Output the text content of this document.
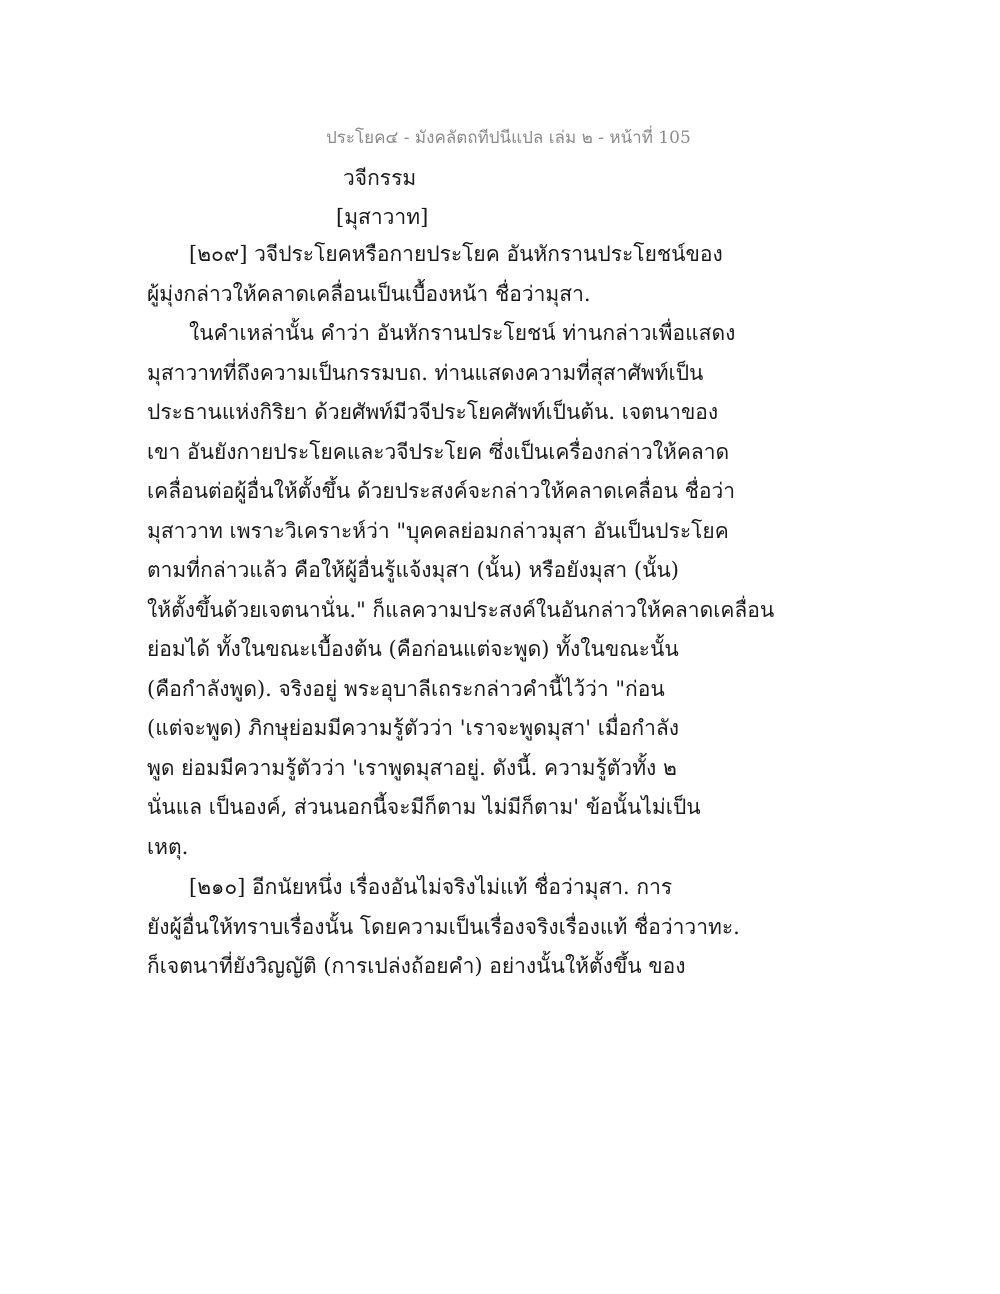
ประโยค๔ - มังคลัตถทีปนีแปล เล่ม ๒ - หน้าที่ 105
วจีกรรม
[มุสาวาท]
[๒๐๙] วจีประโยคหรือกายประโยค อันหักรานประโยชน์ของ
ผู้มุ่งกล่าวให้คลาดเคลื่อนเป็นเบื้องหน้า ชื่อว่ามุสา.
ในคำเหล่านั้น คำว่า อันหักรานประโยชน์ ท่านกล่าวเพื่อแสดง
มุสาวาทที่ถึงความเป็นกรรมบถ. ท่านแสดงความที่สุสาศัพท์เป็น
ประธานแห่งกิริยา ด้วยศัพท์มีวจีประโยคศัพท์เป็นต้น. เจตนาของ
เขา อันยังกายประโยคและวจีประโยค ซึ่งเป็นเครื่องกล่าวให้คลาด
เคลื่อนต่อผู้อื่นให้ตั้งขึ้น ด้วยประสงค์จะกล่าวให้คลาดเคลื่อน ชื่อว่า
มุสาวาท เพราะวิเคราะห์ว่า "บุคคลย่อมกล่าวมุสา อันเป็นประโยค
ตามที่กล่าวแล้ว คือให้ผู้อื่นรู้แจ้งมุสา (นั้น) หรือยังมุสา (นั้น)
ให้ตั้งขึ้นด้วยเจตนานั่น." ก็แลความประสงค์ในอันกล่าวให้คลาดเคลื่อน
ย่อมได้ ทั้งในขณะเบื้องต้น (คือก่อนแต่จะพูด) ทั้งในขณะนั้น
(คือกำลังพูด). จริงอยู่ พระอุบาลีเถระกล่าวคำนี้ไว้ว่า "ก่อน
(แต่จะพูด) ภิกษุย่อมมีความรู้ตัวว่า 'เราจะพูดมุสา' เมื่อกำลัง
พูด ย่อมมีความรู้ตัวว่า 'เราพูดมุสาอยู่. ดังนี้. ความรู้ตัวทั้ง ๒
นั่นแล เป็นองค์, ส่วนนอกนี้จะมีก็ตาม ไม่มีก็ตาม' ข้อนั้นไม่เป็น
เหตุ.
[๒๑๐] อีกนัยหนึ่ง เรื่องอันไม่จริงไม่แท้ ชื่อว่ามุสา. การ
ยังผู้อื่นให้ทราบเรื่องนั้น โดยความเป็นเรื่องจริงเรื่องแท้ ชื่อว่าวาทะ.
ก็เจตนาที่ยังวิญญัติ (การเปล่งถ้อยคำ) อย่างนั้นให้ตั้งขึ้น ของ
